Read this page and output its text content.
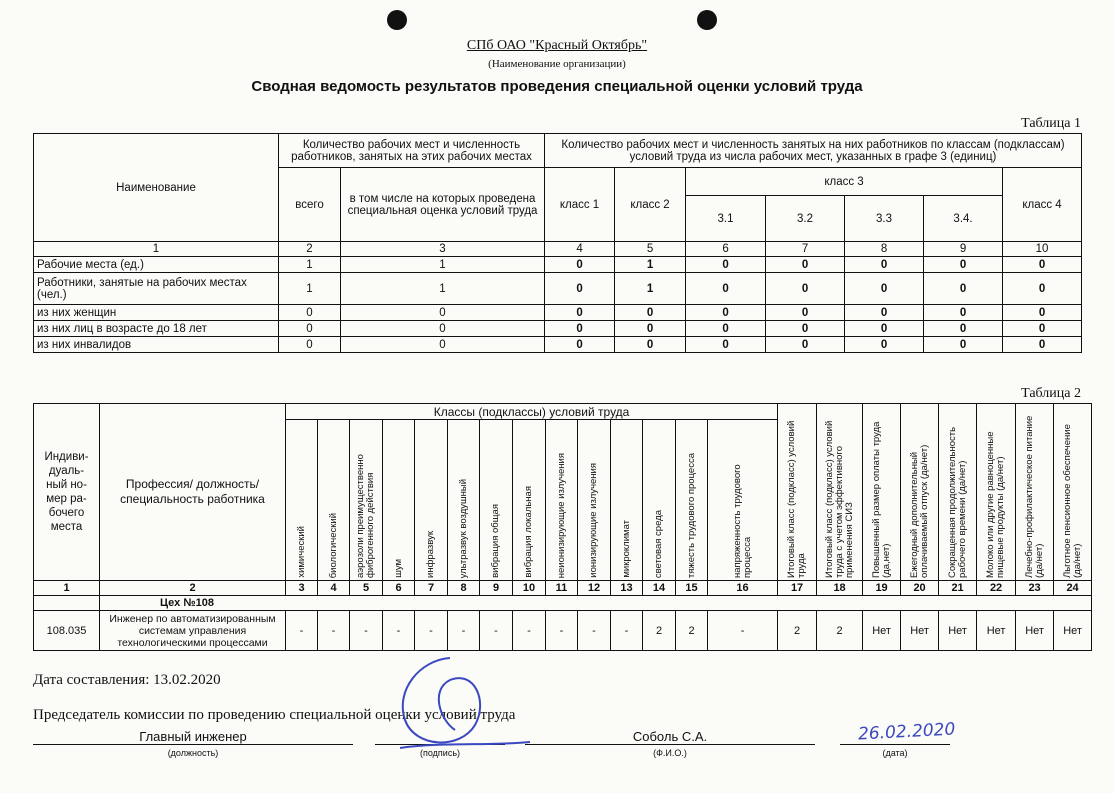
СПб ОАО "Красный Октябрь"
(Наименование организации)
Сводная ведомость результатов проведения специальной оценки условий труда
Таблица 1
Наименование	Количество рабочих мест и численность работников, занятых на этих рабочих местах		Количество рабочих мест и численность занятых на них работников по классам (подклассам) условий труда из числа рабочих мест, указанных в графе 3 (единиц)						
	всего	в том числе на которых проведена специальная оценка условий труда	класс 1	класс 2	класс 3				класс 4
					3.1	3.2	3.3	3.4.	
1	2	3	4	5	6	7	8	9	10
Рабочие места (ед.)	1	1	0	1	0	0	0	0	0
Работники, занятые на рабочих местах (чел.)	1	1	0	1	0	0	0	0	0
из них женщин	0	0	0	0	0	0	0	0	0
из них лиц в возрасте до 18 лет	0	0	0	0	0	0	0	0	0
из них инвалидов	0	0	0	0	0	0	0	0	0
Таблица 2
Индиви-дуаль-ный но-мер ра-бочего места	Профессия/ должность/ специальность работника	Классы (подклассы) условий труда														Итоговый класс (подкласс) условий труда	Итоговый класс (подкласс) условий труда с учетом эффективного применения СИЗ	Повышенный размер оплаты труда (да,нет)	Ежегодный дополнительный оплачиваемый отпуск (да/нет)	Сокращенная продолжительность рабочего времени (да/нет)	Молоко или другие равноценные пищевые продукты (да/нет)	Лечебно-профилактическое питание (да/нет)	Льготное пенсионное обеспечение (да/нет)

		химический	биологический	аэрозоли преимущественно фиброгенного действия	шум	инфразвук	ультразвук воздушный	вибрация общая	вибрация локальная	неионизирующие излучения	ионизирующие излучения	микроклимат	световая среда	тяжесть трудового процесса	напряженность трудового процесса								

1	2	3	4	5	6	7	8	9	10	11	12	13	14	15	16	17	18	19	20	21	22	23	24
	Цех №108																						
108.035	Инженер по автоматизированным системам управления технологическими процессами	-	-	-	-	-	-	-	-	-	-	-	2	2	-	2	2	Нет	Нет	Нет	Нет	Нет	Нет
Дата составления: 13.02.2020
Председатель комиссии по проведению специальной оценки условий труда
Главный инженер
(должность)	(подпись)
Соболь С.А.
(Ф.И.О.)
26.02.2020
(дата)
